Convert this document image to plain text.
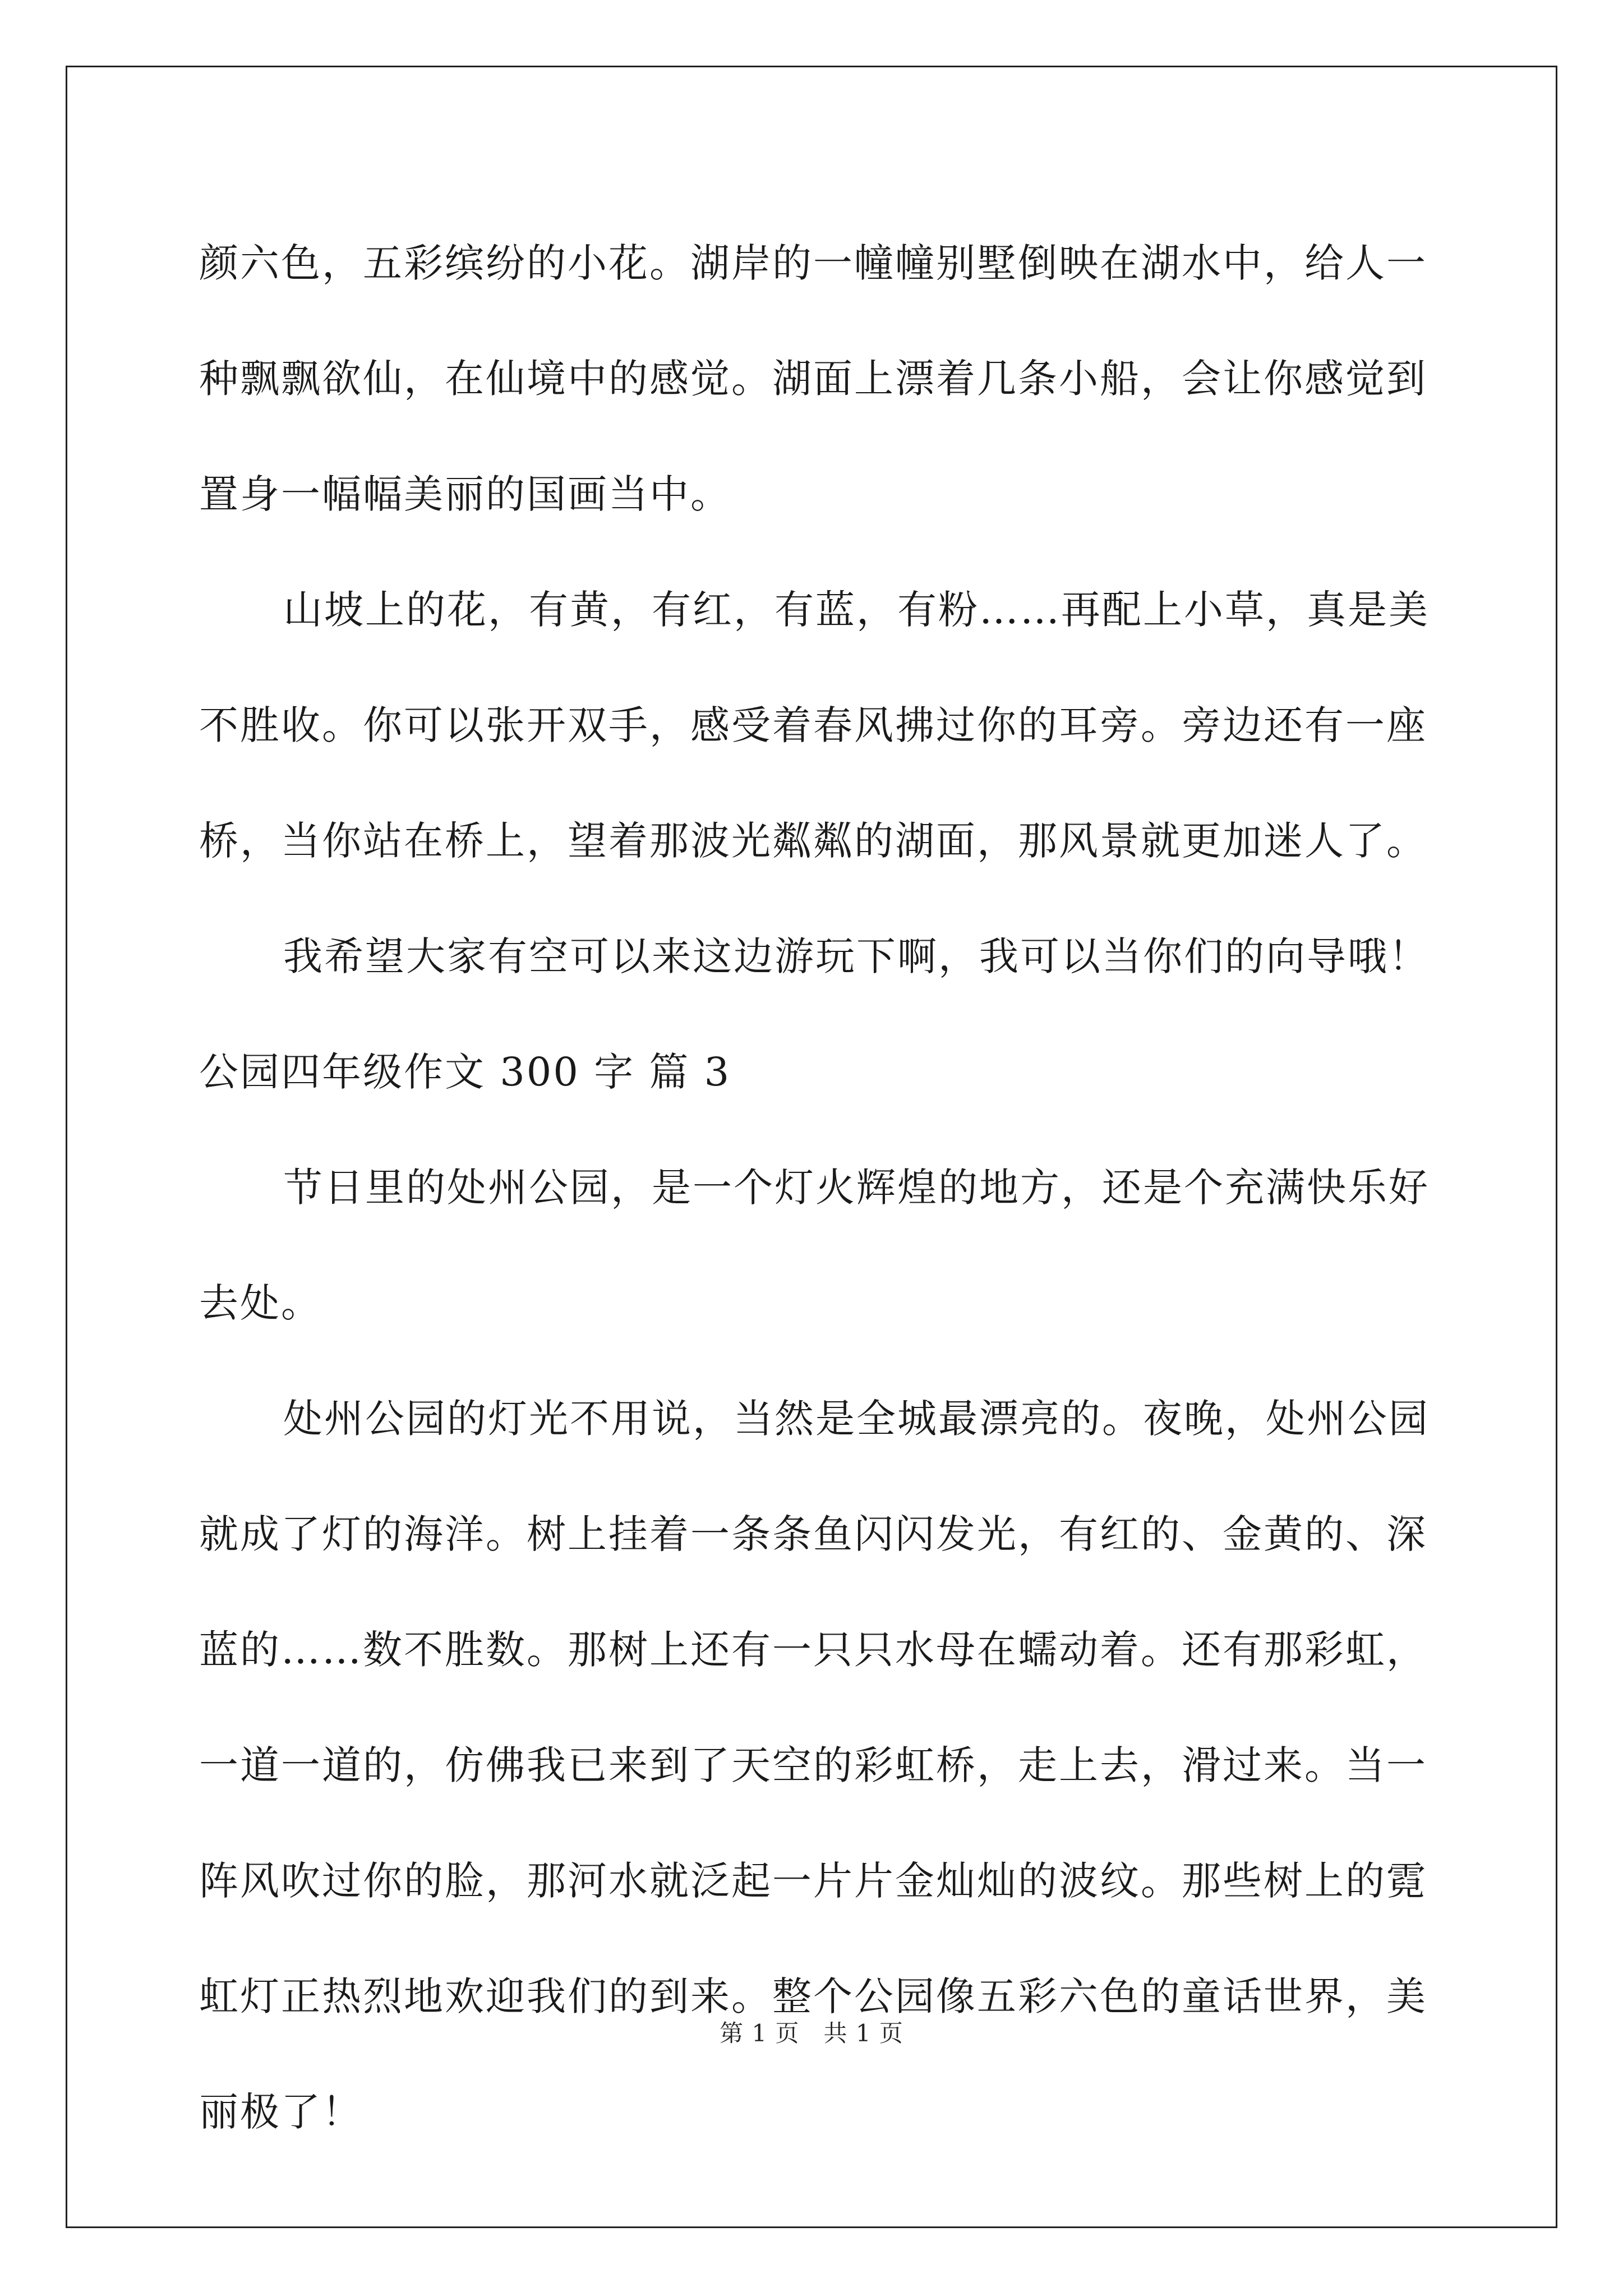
颜六色，五彩缤纷的小花。湖岸的一幢幢别墅倒映在湖水中，给人一

种飘飘欲仙，在仙境中的感觉。湖面上漂着几条小船，会让你感觉到

置身一幅幅美丽的国画当中。

山坡上的花，有黄，有红，有蓝，有粉……再配上小草，真是美

不胜收。你可以张开双手，感受着春风拂过你的耳旁。旁边还有一座

桥，当你站在桥上，望着那波光粼粼的湖面，那风景就更加迷人了。

我希望大家有空可以来这边游玩下啊，我可以当你们的向导哦！

公园四年级作文 300 字 篇 3

节日里的处州公园，是一个灯火辉煌的地方，还是个充满快乐好

去处。

处州公园的灯光不用说，当然是全城最漂亮的。夜晚，处州公园

就成了灯的海洋。树上挂着一条条鱼闪闪发光，有红的、金黄的、深

蓝的……数不胜数。那树上还有一只只水母在蠕动着。还有那彩虹，

一道一道的，仿佛我已来到了天空的彩虹桥，走上去，滑过来。当一

阵风吹过你的脸，那河水就泛起一片片金灿灿的波纹。那些树上的霓

虹灯正热烈地欢迎我们的到来。整个公园像五彩六色的童话世界，美

丽极了！

第 1 页　共 1 页
